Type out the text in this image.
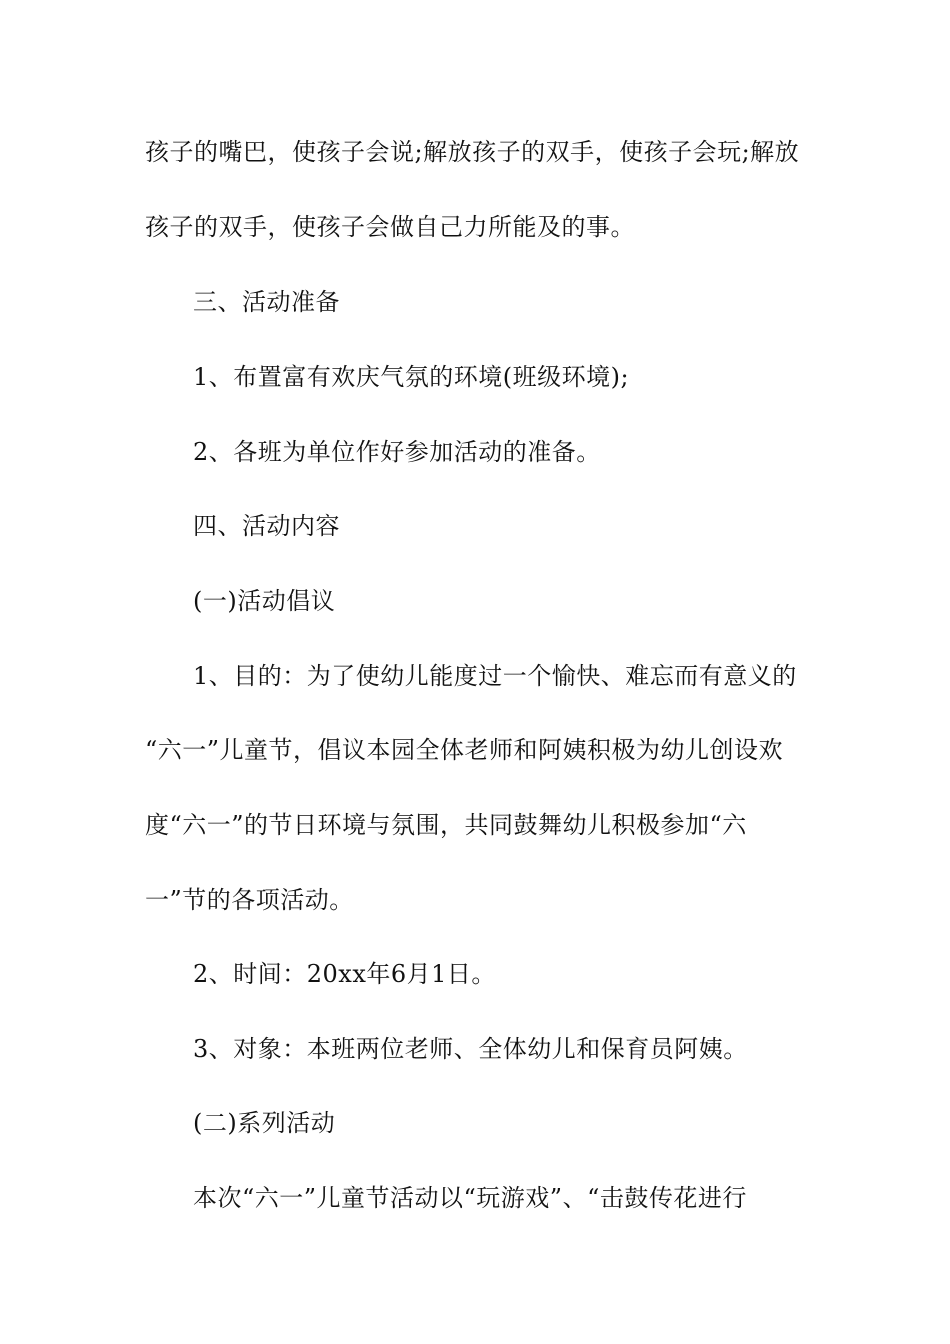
孩子的嘴巴，使孩子会说;解放孩子的双手，使孩子会玩;解放
孩子的双手，使孩子会做自己力所能及的事。
三、活动准备
1、布置富有欢庆气氛的环境(班级环境);
2、各班为单位作好参加活动的准备。
四、活动内容
(一)活动倡议
1、目的：为了使幼儿能度过一个愉快、难忘而有意义的
“六一”儿童节，倡议本园全体老师和阿姨积极为幼儿创设欢
度“六一”的节日环境与氛围，共同鼓舞幼儿积极参加“六
一”节的各项活动。
2、时间：20xx年6月1日。
3、对象：本班两位老师、全体幼儿和保育员阿姨。
(二)系列活动
本次“六一”儿童节活动以“玩游戏”、“击鼓传花进行
